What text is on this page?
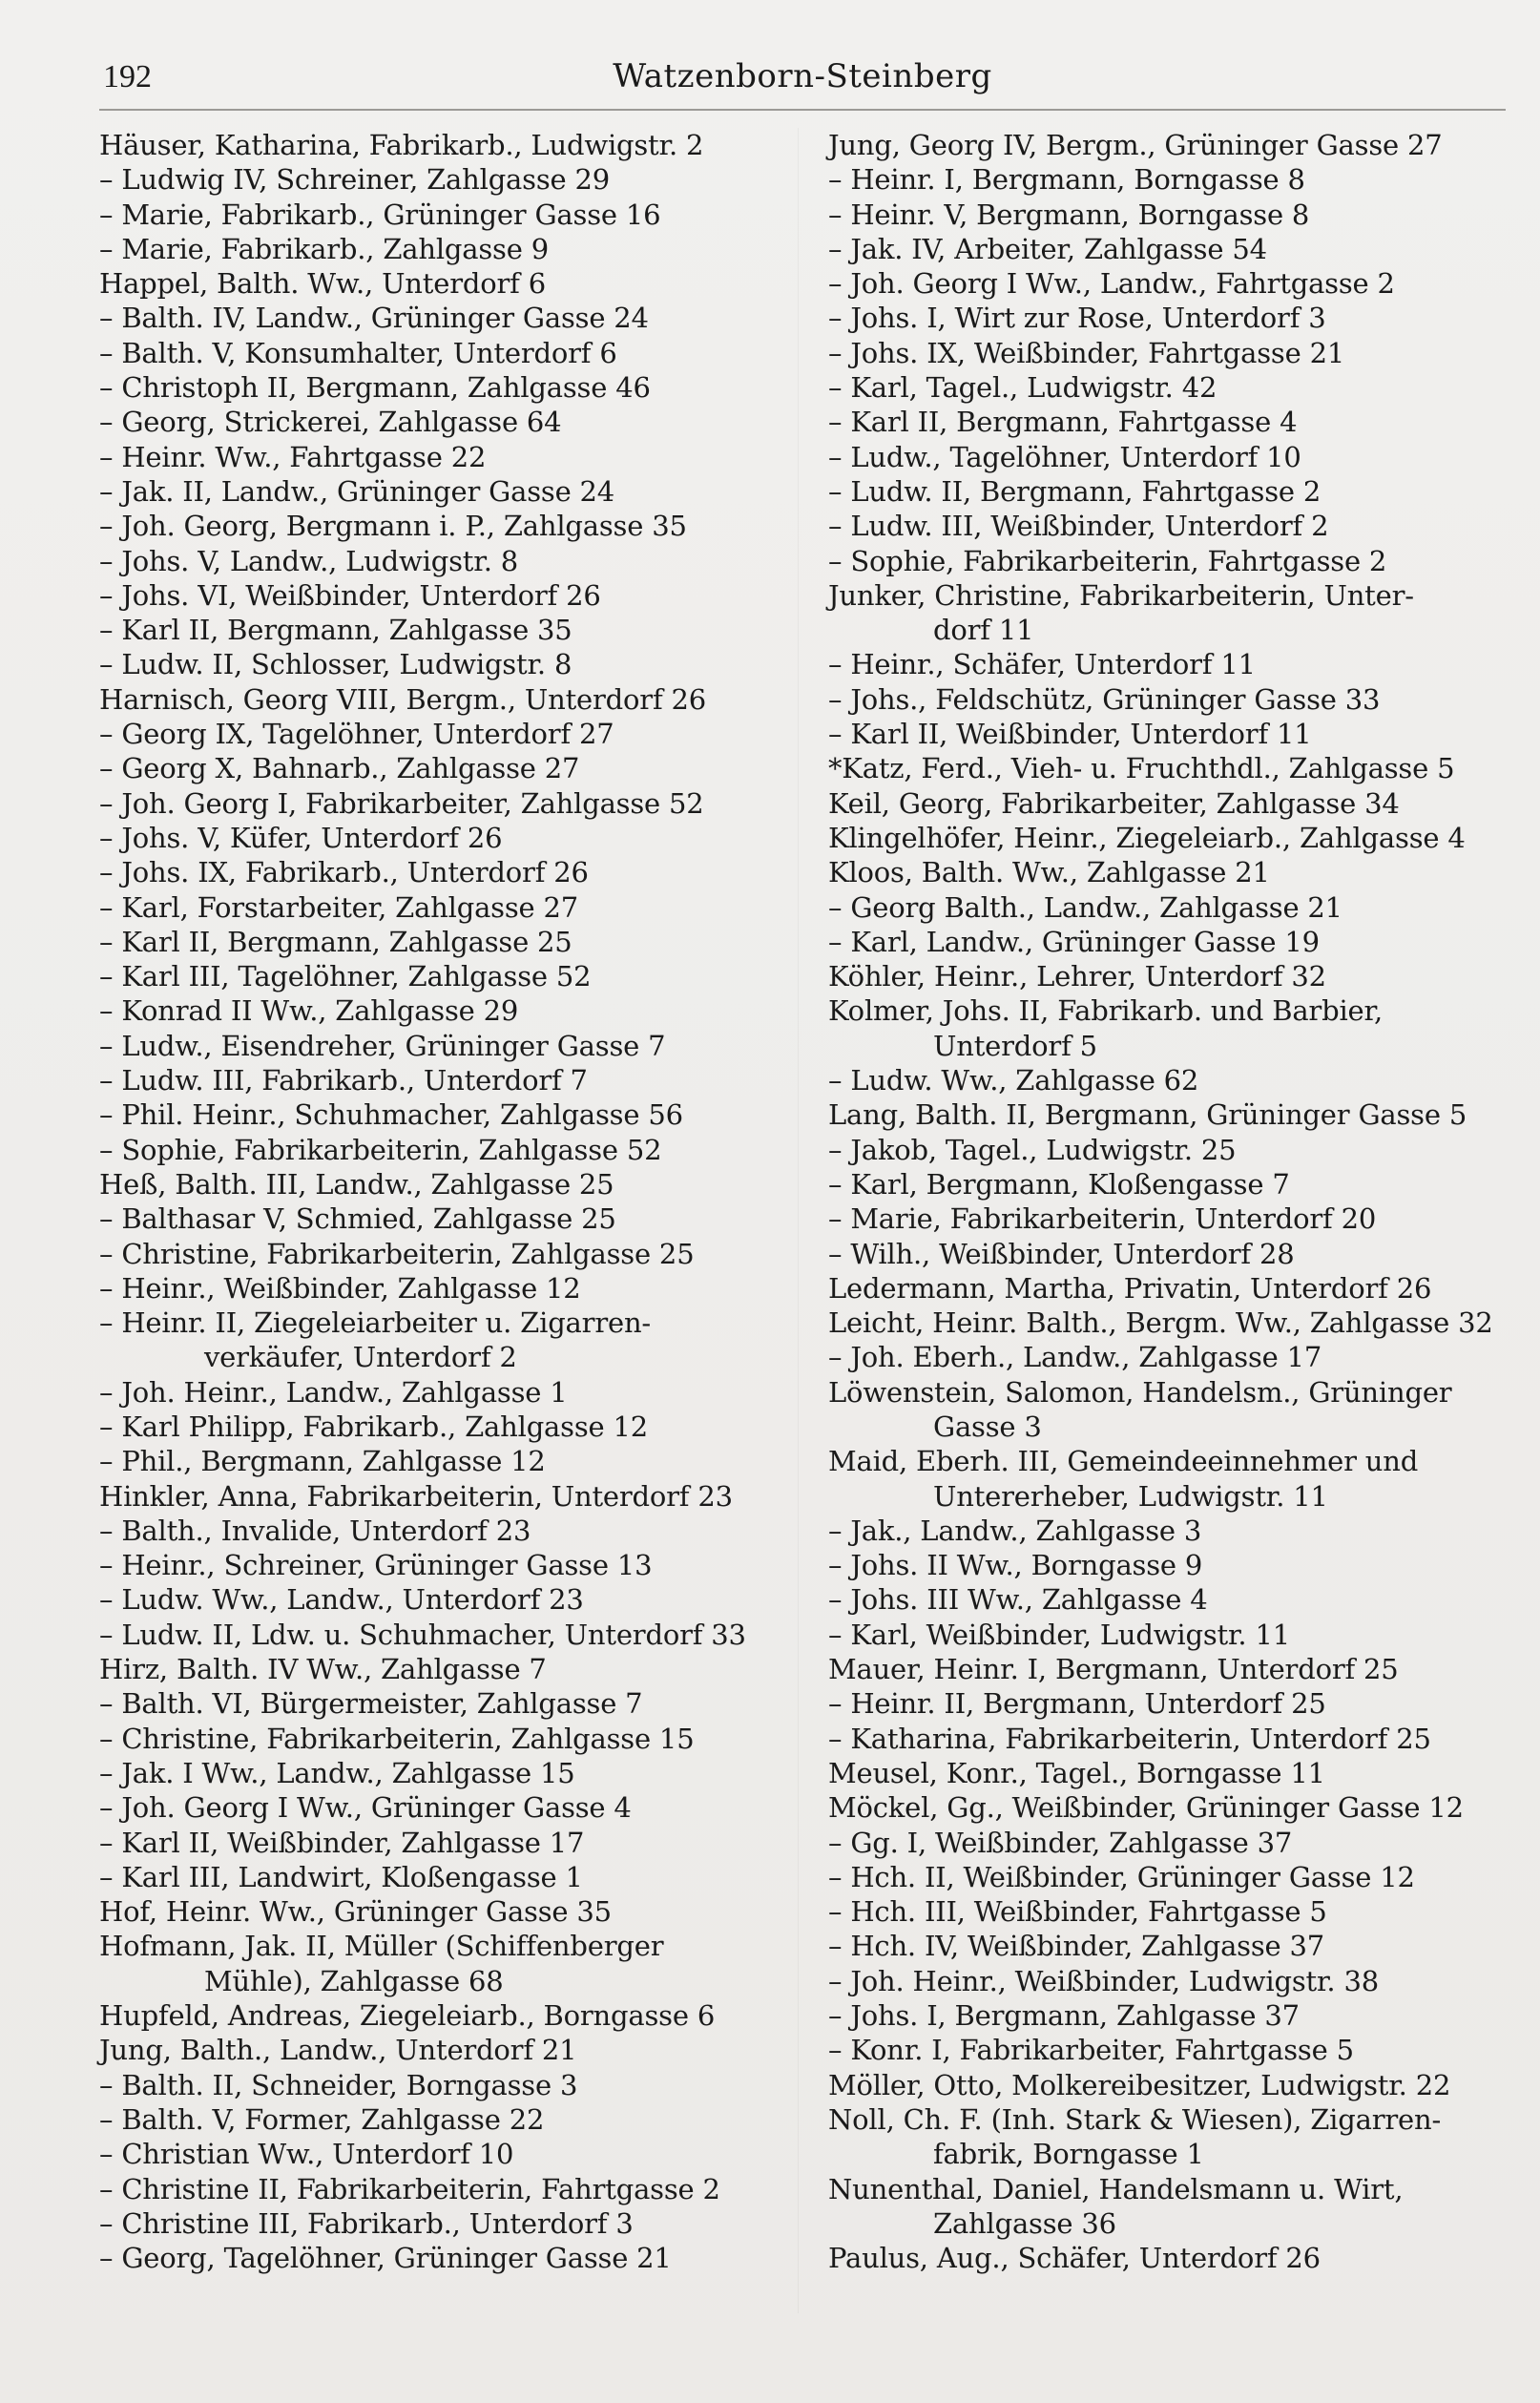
192	Watzenborn-Steinberg
Häuser, Katharina, Fabrikarb., Ludwigstr. 2
– Ludwig IV, Schreiner, Zahlgasse 29
– Marie, Fabrikarb., Grüninger Gasse 16
– Marie, Fabrikarb., Zahlgasse 9
Happel, Balth. Ww., Unterdorf 6
– Balth. IV, Landw., Grüninger Gasse 24
– Balth. V, Konsumhalter, Unterdorf 6
– Christoph II, Bergmann, Zahlgasse 46
– Georg, Strickerei, Zahlgasse 64
– Heinr. Ww., Fahrtgasse 22
– Jak. II, Landw., Grüninger Gasse 24
– Joh. Georg, Bergmann i. P., Zahlgasse 35
– Johs. V, Landw., Ludwigstr. 8
– Johs. VI, Weißbinder, Unterdorf 26
– Karl II, Bergmann, Zahlgasse 35
– Ludw. II, Schlosser, Ludwigstr. 8
Harnisch, Georg VIII, Bergm., Unterdorf 26
– Georg IX, Tagelöhner, Unterdorf 27
– Georg X, Bahnarb., Zahlgasse 27
– Joh. Georg I, Fabrikarbeiter, Zahlgasse 52
– Johs. V, Küfer, Unterdorf 26
– Johs. IX, Fabrikarb., Unterdorf 26
– Karl, Forstarbeiter, Zahlgasse 27
– Karl II, Bergmann, Zahlgasse 25
– Karl III, Tagelöhner, Zahlgasse 52
– Konrad II Ww., Zahlgasse 29
– Ludw., Eisendreher, Grüninger Gasse 7
– Ludw. III, Fabrikarb., Unterdorf 7
– Phil. Heinr., Schuhmacher, Zahlgasse 56
– Sophie, Fabrikarbeiterin, Zahlgasse 52
Heß, Balth. III, Landw., Zahlgasse 25
– Balthasar V, Schmied, Zahlgasse 25
– Christine, Fabrikarbeiterin, Zahlgasse 25
– Heinr., Weißbinder, Zahlgasse 12
– Heinr. II, Ziegeleiarbeiter u. Zigarren-
verkäufer, Unterdorf 2
– Joh. Heinr., Landw., Zahlgasse 1
– Karl Philipp, Fabrikarb., Zahlgasse 12
– Phil., Bergmann, Zahlgasse 12
Hinkler, Anna, Fabrikarbeiterin, Unterdorf 23
– Balth., Invalide, Unterdorf 23
– Heinr., Schreiner, Grüninger Gasse 13
– Ludw. Ww., Landw., Unterdorf 23
– Ludw. II, Ldw. u. Schuhmacher, Unterdorf 33
Hirz, Balth. IV Ww., Zahlgasse 7
– Balth. VI, Bürgermeister, Zahlgasse 7
– Christine, Fabrikarbeiterin, Zahlgasse 15
– Jak. I Ww., Landw., Zahlgasse 15
– Joh. Georg I Ww., Grüninger Gasse 4
– Karl II, Weißbinder, Zahlgasse 17
– Karl III, Landwirt, Kloßengasse 1
Hof, Heinr. Ww., Grüninger Gasse 35
Hofmann, Jak. II, Müller (Schiffenberger
Mühle), Zahlgasse 68
Hupfeld, Andreas, Ziegeleiarb., Borngasse 6
Jung, Balth., Landw., Unterdorf 21
– Balth. II, Schneider, Borngasse 3
– Balth. V, Former, Zahlgasse 22
– Christian Ww., Unterdorf 10
– Christine II, Fabrikarbeiterin, Fahrtgasse 2
– Christine III, Fabrikarb., Unterdorf 3
– Georg, Tagelöhner, Grüninger Gasse 21
Jung, Georg IV, Bergm., Grüninger Gasse 27
– Heinr. I, Bergmann, Borngasse 8
– Heinr. V, Bergmann, Borngasse 8
– Jak. IV, Arbeiter, Zahlgasse 54
– Joh. Georg I Ww., Landw., Fahrtgasse 2
– Johs. I, Wirt zur Rose, Unterdorf 3
– Johs. IX, Weißbinder, Fahrtgasse 21
– Karl, Tagel., Ludwigstr. 42
– Karl II, Bergmann, Fahrtgasse 4
– Ludw., Tagelöhner, Unterdorf 10
– Ludw. II, Bergmann, Fahrtgasse 2
– Ludw. III, Weißbinder, Unterdorf 2
– Sophie, Fabrikarbeiterin, Fahrtgasse 2
Junker, Christine, Fabrikarbeiterin, Unter-
dorf 11
– Heinr., Schäfer, Unterdorf 11
– Johs., Feldschütz, Grüninger Gasse 33
– Karl II, Weißbinder, Unterdorf 11
*Katz, Ferd., Vieh- u. Fruchthdl., Zahlgasse 5
Keil, Georg, Fabrikarbeiter, Zahlgasse 34
Klingelhöfer, Heinr., Ziegeleiarb., Zahlgasse 4
Kloos, Balth. Ww., Zahlgasse 21
– Georg Balth., Landw., Zahlgasse 21
– Karl, Landw., Grüninger Gasse 19
Köhler, Heinr., Lehrer, Unterdorf 32
Kolmer, Johs. II, Fabrikarb. und Barbier,
Unterdorf 5
– Ludw. Ww., Zahlgasse 62
Lang, Balth. II, Bergmann, Grüninger Gasse 5
– Jakob, Tagel., Ludwigstr. 25
– Karl, Bergmann, Kloßengasse 7
– Marie, Fabrikarbeiterin, Unterdorf 20
– Wilh., Weißbinder, Unterdorf 28
Ledermann, Martha, Privatin, Unterdorf 26
Leicht, Heinr. Balth., Bergm. Ww., Zahlgasse 32
– Joh. Eberh., Landw., Zahlgasse 17
Löwenstein, Salomon, Handelsm., Grüninger
Gasse 3
Maid, Eberh. III, Gemeindeeinnehmer und
Untererheber, Ludwigstr. 11
– Jak., Landw., Zahlgasse 3
– Johs. II Ww., Borngasse 9
– Johs. III Ww., Zahlgasse 4
– Karl, Weißbinder, Ludwigstr. 11
Mauer, Heinr. I, Bergmann, Unterdorf 25
– Heinr. II, Bergmann, Unterdorf 25
– Katharina, Fabrikarbeiterin, Unterdorf 25
Meusel, Konr., Tagel., Borngasse 11
Möckel, Gg., Weißbinder, Grüninger Gasse 12
– Gg. I, Weißbinder, Zahlgasse 37
– Hch. II, Weißbinder, Grüninger Gasse 12
– Hch. III, Weißbinder, Fahrtgasse 5
– Hch. IV, Weißbinder, Zahlgasse 37
– Joh. Heinr., Weißbinder, Ludwigstr. 38
– Johs. I, Bergmann, Zahlgasse 37
– Konr. I, Fabrikarbeiter, Fahrtgasse 5
Möller, Otto, Molkereibesitzer, Ludwigstr. 22
Noll, Ch. F. (Inh. Stark & Wiesen), Zigarren-
fabrik, Borngasse 1
Nunenthal, Daniel, Handelsmann u. Wirt,
Zahlgasse 36
Paulus, Aug., Schäfer, Unterdorf 26
